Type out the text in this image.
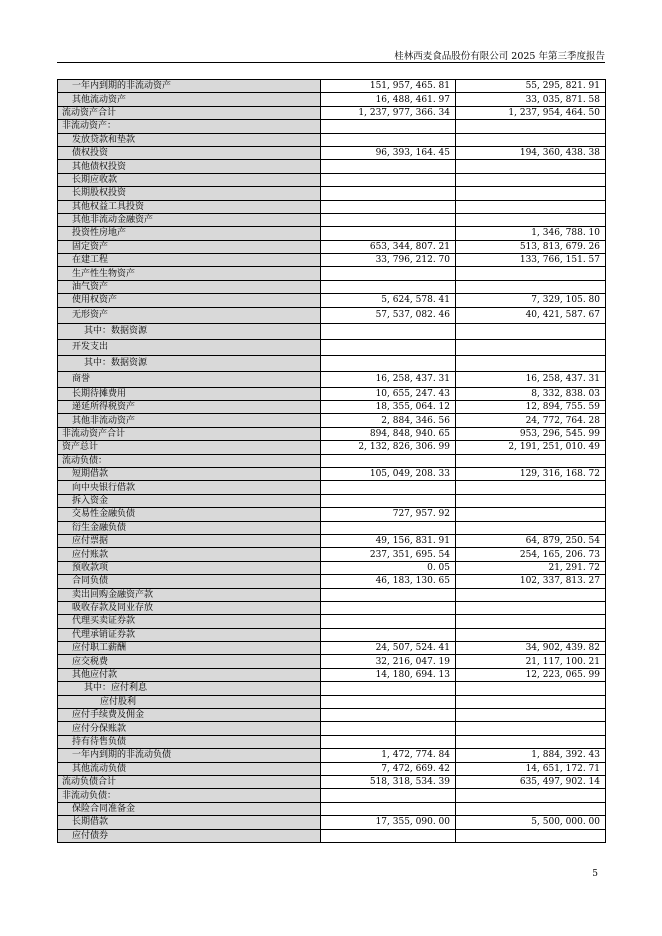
桂林西麦食品股份有限公司 2025 年第三季度报告
一年内到期的非流动资产	151, 957, 465. 81	55, 295, 821. 91
其他流动资产	16, 488, 461. 97	33, 035, 871. 58
流动资产合计	1, 237, 977, 366. 34	1, 237, 954, 464. 50
非流动资产：		
发放贷款和垫款		
债权投资	96, 393, 164. 45	194, 360, 438. 38
其他债权投资		
长期应收款		
长期股权投资		
其他权益工具投资		
其他非流动金融资产		
投资性房地产		1, 346, 788. 10
固定资产	653, 344, 807. 21	513, 813, 679. 26
在建工程	33, 796, 212. 70	133, 766, 151. 57
生产性生物资产		
油气资产		
使用权资产	5, 624, 578. 41	7, 329, 105. 80
无形资产	57, 537, 082. 46	40, 421, 587. 67
其中：数据资源		
开发支出		
其中：数据资源		
商誉	16, 258, 437. 31	16, 258, 437. 31
长期待摊费用	10, 655, 247. 43	8, 332, 838. 03
递延所得税资产	18, 355, 064. 12	12, 894, 755. 59
其他非流动资产	2, 884, 346. 56	24, 772, 764. 28
非流动资产合计	894, 848, 940. 65	953, 296, 545. 99
资产总计	2, 132, 826, 306. 99	2, 191, 251, 010. 49
流动负债：		
短期借款	105, 049, 208. 33	129, 316, 168. 72
向中央银行借款		
拆入资金		
交易性金融负债	727, 957. 92	
衍生金融负债		
应付票据	49, 156, 831. 91	64, 879, 250. 54
应付账款	237, 351, 695. 54	254, 165, 206. 73
预收款项	0. 05	21, 291. 72
合同负债	46, 183, 130. 65	102, 337, 813. 27
卖出回购金融资产款		
吸收存款及同业存放		
代理买卖证券款		
代理承销证券款		
应付职工薪酬	24, 507, 524. 41	34, 902, 439. 82
应交税费	32, 216, 047. 19	21, 117, 100. 21
其他应付款	14, 180, 694. 13	12, 223, 065. 99
其中：应付利息		
应付股利		
应付手续费及佣金		
应付分保账款		
持有待售负债		
一年内到期的非流动负债	1, 472, 774. 84	1, 884, 392. 43
其他流动负债	7, 472, 669. 42	14, 651, 172. 71
流动负债合计	518, 318, 534. 39	635, 497, 902. 14
非流动负债：		
保险合同准备金		
长期借款	17, 355, 090. 00	5, 500, 000. 00
应付债券		
5
